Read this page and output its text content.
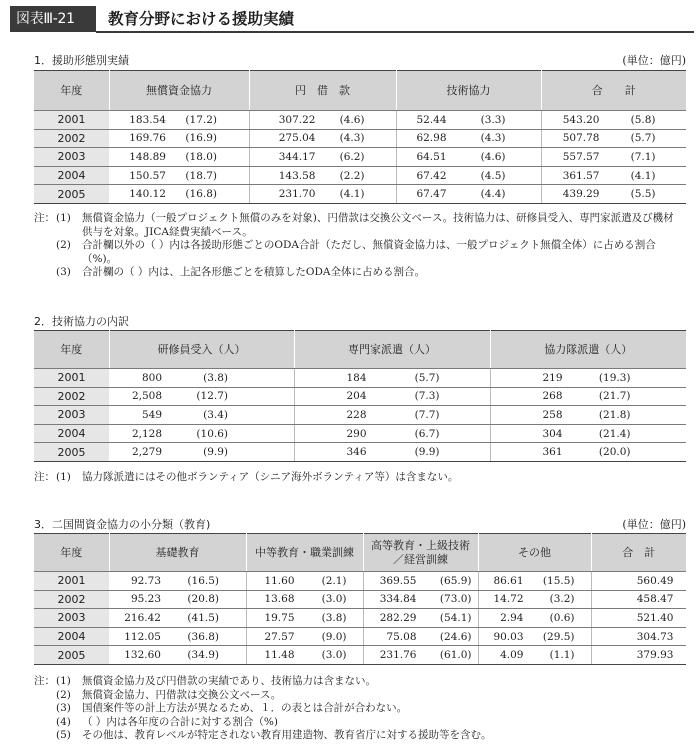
図表Ⅲ-21	教育分野における援助実績
1．援助形態別実績	(単位：億円)
年度	無償資金協力	円　借　款	技術協力	合　　計
2001	183.54 (17.2)	307.22 (4.6)	52.44 (3.3)	543.20 (5.8)

2002	169.76 (16.9)	275.04 (4.3)	62.98 (4.3)	507.78 (5.7)

2003	148.89 (18.0)	344.17 (6.2)	64.51 (4.6)	557.57 (7.1)

2004	150.57 (18.7)	143.58 (2.2)	67.42 (4.5)	361.57 (4.1)

2005	140.12 (16.8)	231.70 (4.1)	67.47 (4.4)	439.29 (5.5)
注： (1)	無償資金協力（一般プロジェクト無償のみを対象)、円借款は交換公文ベース。技術協力は、研修員受入、専門家派遣及び機材供与を対象。JICA経費実績ベース。
(2)	合計欄以外の（ ）内は各援助形態ごとのODA合計（ただし、無償資金協力は、一般プロジェクト無償全体）に占める割合（%)。
(3)	合計欄の（ ）内は、上記各形態ごとを積算したODA全体に占める割合。
2．技術協力の内訳
年度	研修員受入（人）	専門家派遣（人）	協力隊派遣（人）
2001	800 (3.8)	184 (5.7)	219 (19.3)

2002	2,508 (12.7)	204 (7.3)	268 (21.7)

2003	549 (3.4)	228 (7.7)	258 (21.8)

2004	2,128 (10.6)	290 (6.7)	304 (21.4)

2005	2,279 (9.9)	346 (9.9)	361 (20.0)
注： (1)	協力隊派遣にはその他ボランティア（シニア海外ボランティア等）は含まない。
3．二国間資金協力の小分類（教育)	(単位：億円)
年度	基礎教育	中等教育・職業訓練	高等教育・上級技術
／経営訓練	その他	合　計
2001	92.73 (16.5)	11.60 (2.1)	369.55 (65.9)	86.61 (15.5)	560.49

2002	95.23 (20.8)	13.68 (3.0)	334.84 (73.0)	14.72 (3.2)	458.47

2003	216.42 (41.5)	19.75 (3.8)	282.29 (54.1)	2.94 (0.6)	521.40

2004	112.05 (36.8)	27.57 (9.0)	75.08 (24.6)	90.03 (29.5)	304.73

2005	132.60 (34.9)	11.48 (3.0)	231.76 (61.0)	4.09 (1.1)	379.93
注： (1)	無償資金協力及び円借款の実績であり、技術協力は含まない。
(2)	無償資金協力、円借款は交換公文ベース。
(3)	国債案件等の計上方法が異なるため、１．の表とは合計が合わない。
(4)	（ ）内は各年度の合計に対する割合（%)
(5)	その他は、教育レベルが特定されない教育用建造物、教育省庁に対する援助等を含む。
